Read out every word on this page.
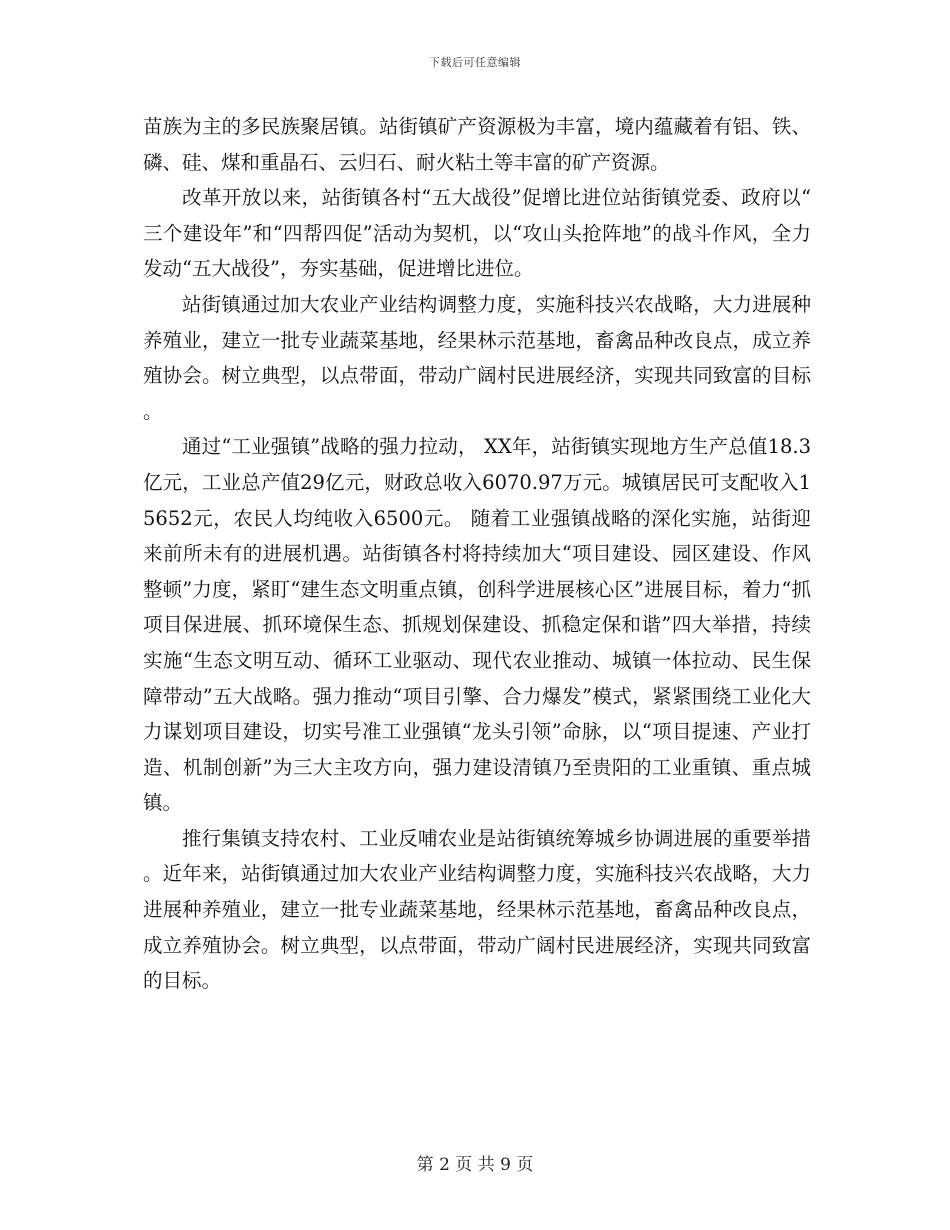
下载后可任意编辑

苗族为主的多民族聚居镇。站街镇矿产资源极为丰富，境内蕴藏着有铝、铁、磷、硅、煤和重晶石、云归石、耐火粘土等丰富的矿产资源。

改革开放以来，站街镇各村“五大战役”促增比进位站街镇党委、政府以“三个建设年”和“四帮四促”活动为契机，以“攻山头抢阵地”的战斗作风，全力发动“五大战役”，夯实基础，促进增比进位。

站街镇通过加大农业产业结构调整力度，实施科技兴农战略，大力进展种养殖业，建立一批专业蔬菜基地，经果林示范基地，畜禽品种改良点，成立养殖协会。树立典型，以点带面，带动广阔村民进展经济，实现共同致富的目标。

通过“工业强镇”战略的强力拉动， XX年，站街镇实现地方生产总值18.3亿元，工业总产值29亿元，财政总收入6070.97万元。城镇居民可支配收入15652元，农民人均纯收入6500元。 随着工业强镇战略的深化实施，站街迎来前所未有的进展机遇。站街镇各村将持续加大“项目建设、园区建设、作风整顿”力度，紧盯“建生态文明重点镇，创科学进展核心区”进展目标，着力“抓项目保进展、抓环境保生态、抓规划保建设、抓稳定保和谐”四大举措，持续实施“生态文明互动、循环工业驱动、现代农业推动、城镇一体拉动、民生保障带动”五大战略。强力推动“项目引擎、合力爆发”模式，紧紧围绕工业化大力谋划项目建设，切实号准工业强镇“龙头引领”命脉，以“项目提速、产业打造、机制创新”为三大主攻方向，强力建设清镇乃至贵阳的工业重镇、重点城镇。

推行集镇支持农村、工业反哺农业是站街镇统筹城乡协调进展的重要举措。近年来，站街镇通过加大农业产业结构调整力度，实施科技兴农战略，大力进展种养殖业，建立一批专业蔬菜基地，经果林示范基地，畜禽品种改良点，成立养殖协会。树立典型，以点带面，带动广阔村民进展经济，实现共同致富的目标。

第 2 页 共 9 页
